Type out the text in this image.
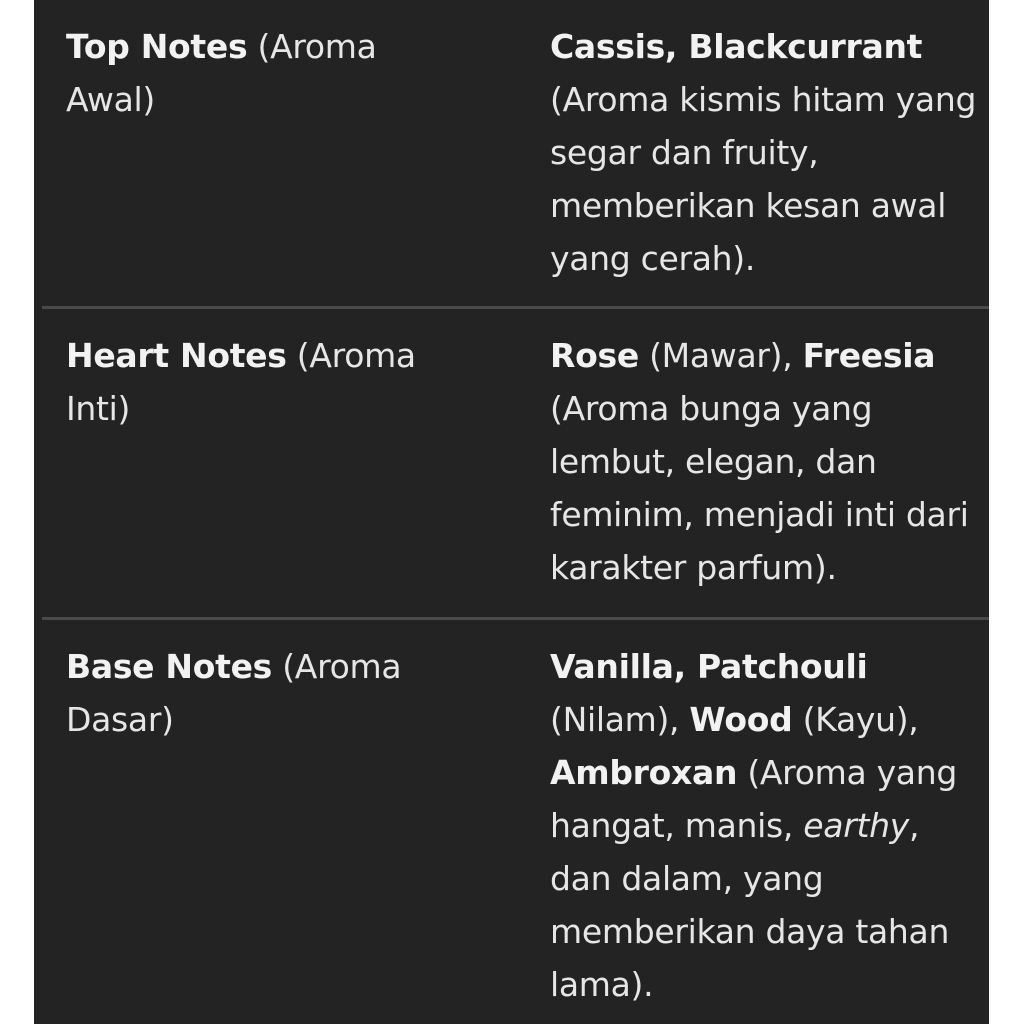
Top Notes (Aroma Awal)
Cassis, Blackcurrant (Aroma kismis hitam yang segar dan fruity, memberikan kesan awal yang cerah).
Heart Notes (Aroma Inti)
Rose (Mawar), Freesia (Aroma bunga yang lembut, elegan, dan feminim, menjadi inti dari karakter parfum).
Base Notes (Aroma Dasar)
Vanilla, Patchouli (Nilam), Wood (Kayu), Ambroxan (Aroma yang hangat, manis, earthy, dan dalam, yang memberikan daya tahan lama).
